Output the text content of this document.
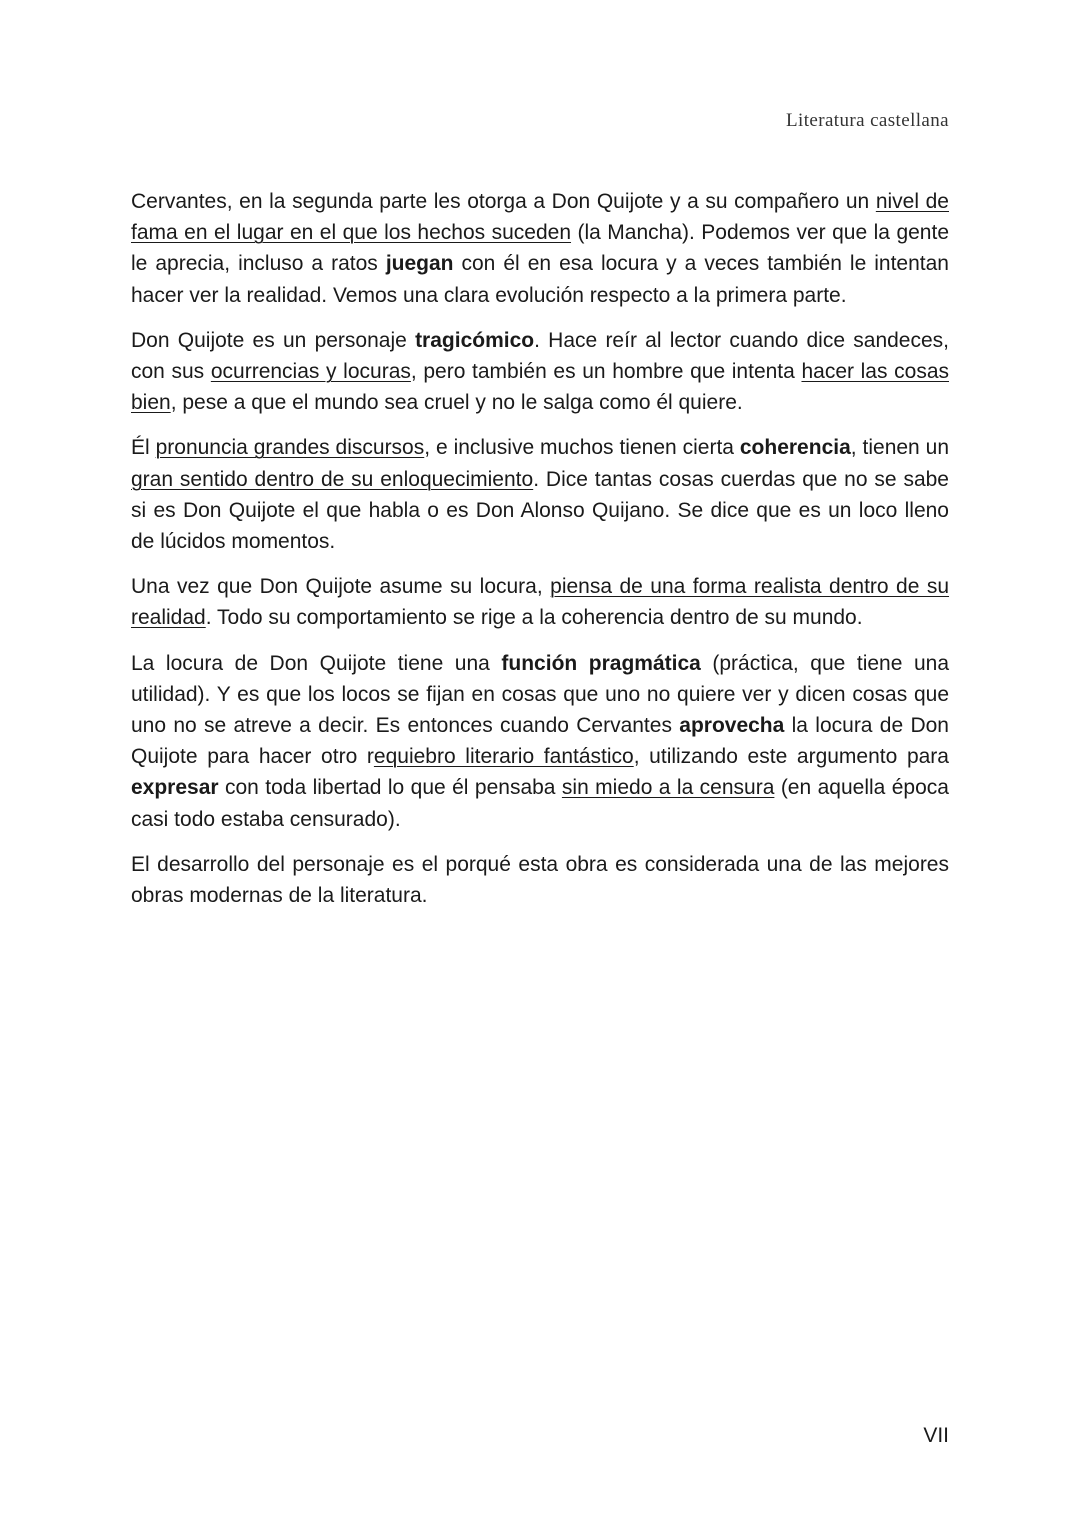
Literatura castellana

Cervantes, en la segunda parte les otorga a Don Quijote y a su compañero un nivel de fama en el lugar en el que los hechos suceden (la Mancha). Podemos ver que la gente le aprecia, incluso a ratos juegan con él en esa locura y a veces también le intentan hacer ver la realidad. Vemos una clara evolución respecto a la primera parte.

Don Quijote es un personaje tragicómico. Hace reír al lector cuando dice sandeces, con sus ocurrencias y locuras, pero también es un hombre que intenta hacer las cosas bien, pese a que el mundo sea cruel y no le salga como él quiere.

Él pronuncia grandes discursos, e inclusive muchos tienen cierta coherencia, tienen un gran sentido dentro de su enloquecimiento. Dice tantas cosas cuerdas que no se sabe si es Don Quijote el que habla o es Don Alonso Quijano. Se dice que es un loco lleno de lúcidos momentos.

Una vez que Don Quijote asume su locura, piensa de una forma realista dentro de su realidad. Todo su comportamiento se rige a la coherencia dentro de su mundo.

La locura de Don Quijote tiene una función pragmática (práctica, que tiene una utilidad). Y es que los locos se fijan en cosas que uno no quiere ver y dicen cosas que uno no se atreve a decir. Es entonces cuando Cervantes aprovecha la locura de Don Quijote para hacer otro requiebro literario fantástico, utilizando este argumento para expresar con toda libertad lo que él pensaba sin miedo a la censura (en aquella época casi todo estaba censurado).

El desarrollo del personaje es el porqué esta obra es considerada una de las mejores obras modernas de la literatura.

VII
